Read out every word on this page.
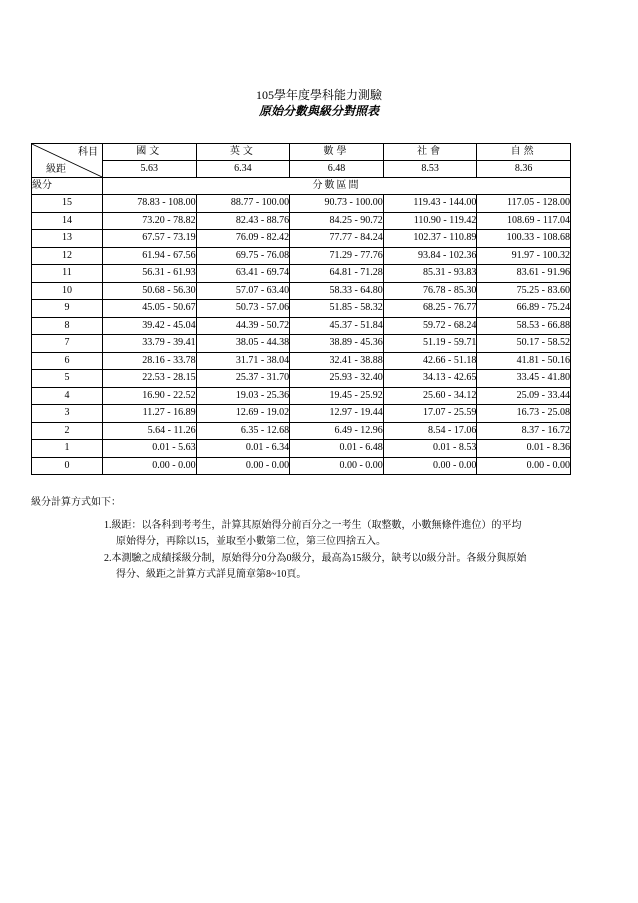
105學年度學科能力測驗
原始分數與級分對照表
科目
級距	國文	英文	數學	社會	自然
	5.63	6.34	6.48	8.53	8.36
級分	分數區間				
15	78.83 - 108.00	88.77 - 100.00	90.73 - 100.00	119.43 - 144.00	117.05 - 128.00
14	73.20 - 78.82	82.43 - 88.76	84.25 - 90.72	110.90 - 119.42	108.69 - 117.04
13	67.57 - 73.19	76.09 - 82.42	77.77 - 84.24	102.37 - 110.89	100.33 - 108.68
12	61.94 - 67.56	69.75 - 76.08	71.29 - 77.76	93.84 - 102.36	91.97 - 100.32
11	56.31 - 61.93	63.41 - 69.74	64.81 - 71.28	85.31 - 93.83	83.61 - 91.96
10	50.68 - 56.30	57.07 - 63.40	58.33 - 64.80	76.78 - 85.30	75.25 - 83.60
9	45.05 - 50.67	50.73 - 57.06	51.85 - 58.32	68.25 - 76.77	66.89 - 75.24
8	39.42 - 45.04	44.39 - 50.72	45.37 - 51.84	59.72 - 68.24	58.53 - 66.88
7	33.79 - 39.41	38.05 - 44.38	38.89 - 45.36	51.19 - 59.71	50.17 - 58.52
6	28.16 - 33.78	31.71 - 38.04	32.41 - 38.88	42.66 - 51.18	41.81 - 50.16
5	22.53 - 28.15	25.37 - 31.70	25.93 - 32.40	34.13 - 42.65	33.45 - 41.80
4	16.90 - 22.52	19.03 - 25.36	19.45 - 25.92	25.60 - 34.12	25.09 - 33.44
3	11.27 - 16.89	12.69 - 19.02	12.97 - 19.44	17.07 - 25.59	16.73 - 25.08
2	5.64 - 11.26	6.35 - 12.68	6.49 - 12.96	8.54 - 17.06	8.37 - 16.72
1	0.01 - 5.63	0.01 - 6.34	0.01 - 6.48	0.01 - 8.53	0.01 - 8.36
0	0.00 - 0.00	0.00 - 0.00	0.00 - 0.00	0.00 - 0.00	0.00 - 0.00
級分計算方式如下：
1.級距：以各科到考考生，計算其原始得分前百分之一考生（取整數，小數無條件進位）的平均
原始得分，再除以15，並取至小數第二位，第三位四捨五入。
2.本測驗之成績採級分制，原始得分0分為0級分，最高為15級分，缺考以0級分計。各級分與原始
得分、級距之計算方式詳見簡章第8~10頁。
